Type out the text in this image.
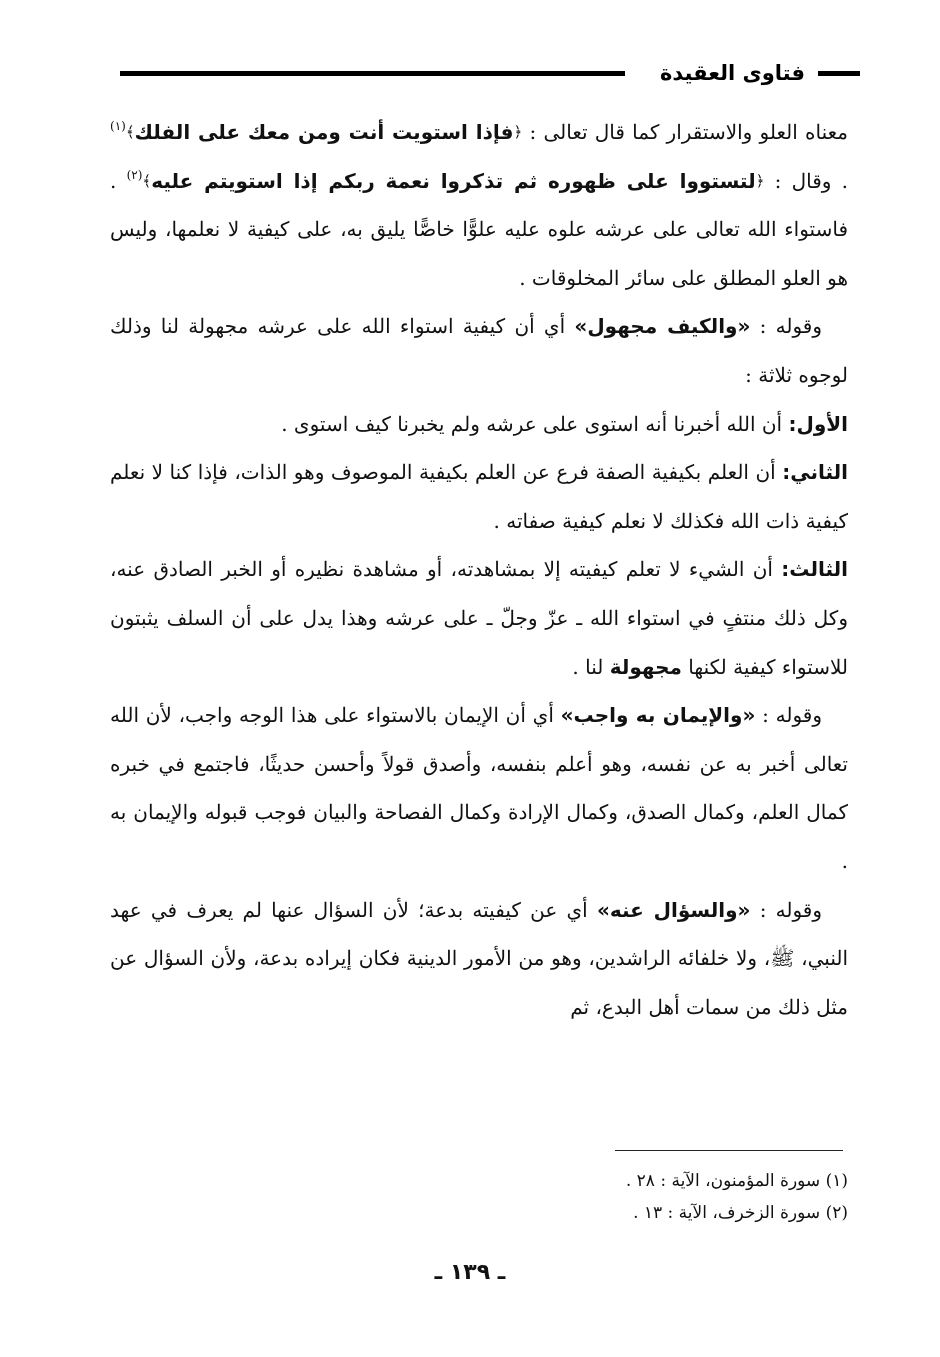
فتاوى العقيدة

معناه العلو والاستقرار كما قال تعالى : ﴿فإذا استويت أنت ومن معك على الفلك﴾$^{(١)}$ . وقال : ﴿لتستووا على ظهوره ثم تذكروا نعمة ربكم إذا استويتم عليه﴾$^{(٢)}$ . فاستواء الله تعالى على عرشه علوه عليه علوًّا خاصًّا يليق به، على كيفية لا نعلمها، وليس هو العلو المطلق على سائر المخلوقات .

وقوله : «والكيف مجهول» أي أن كيفية استواء الله على عرشه مجهولة لنا وذلك لوجوه ثلاثة :

الأول: أن الله أخبرنا أنه استوى على عرشه ولم يخبرنا كيف استوى .

الثاني: أن العلم بكيفية الصفة فرع عن العلم بكيفية الموصوف وهو الذات، فإذا كنا لا نعلم كيفية ذات الله فكذلك لا نعلم كيفية صفاته .

الثالث: أن الشيء لا تعلم كيفيته إلا بمشاهدته، أو مشاهدة نظيره أو الخبر الصادق عنه، وكل ذلك منتفٍ في استواء الله ـ عزّ وجلّ ـ على عرشه وهذا يدل على أن السلف يثبتون للاستواء كيفية لكنها مجهولة لنا .

وقوله : «والإيمان به واجب» أي أن الإيمان بالاستواء على هذا الوجه واجب، لأن الله تعالى أخبر به عن نفسه، وهو أعلم بنفسه، وأصدق قولاً وأحسن حديثًا، فاجتمع في خبره كمال العلم، وكمال الصدق، وكمال الإرادة وكمال الفصاحة والبيان فوجب قبوله والإيمان به .

وقوله : «والسؤال عنه» أي عن كيفيته بدعة؛ لأن السؤال عنها لم يعرف في عهد النبي، ﷺ، ولا خلفائه الراشدين، وهو من الأمور الدينية فكان إيراده بدعة، ولأن السؤال عن مثل ذلك من سمات أهل البدع، ثم

(١) سورة المؤمنون، الآية : ٢٨ .

(٢) سورة الزخرف، الآية : ١٣ .

ـ ١٣٩ ـ
